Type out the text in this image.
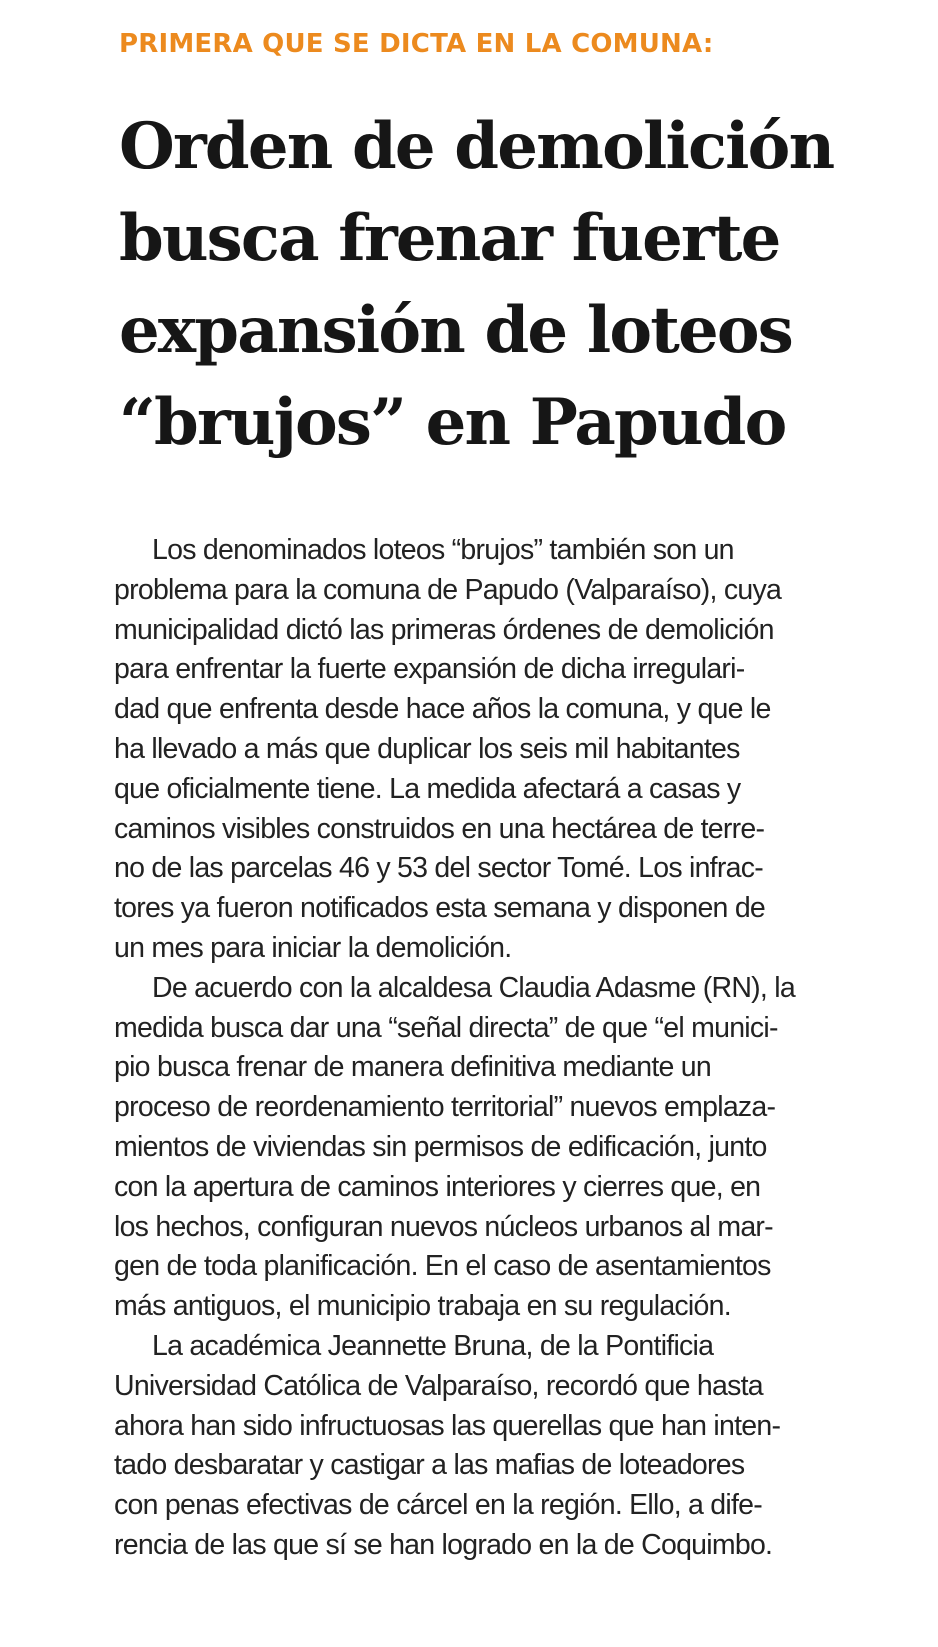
PRIMERA QUE SE DICTA EN LA COMUNA:
Orden de demolición
busca frenar fuerte
expansión de loteos
“brujos” en Papudo

Los denominados loteos “brujos” también son un
problema para la comuna de Papudo (Valparaíso), cuya
municipalidad dictó las primeras órdenes de demolición
para enfrentar la fuerte expansión de dicha irregulari-
dad que enfrenta desde hace años la comuna, y que le
ha llevado a más que duplicar los seis mil habitantes
que oficialmente tiene. La medida afectará a casas y
caminos visibles construidos en una hectárea de terre-
no de las parcelas 46 y 53 del sector Tomé. Los infrac-
tores ya fueron notificados esta semana y disponen de
un mes para iniciar la demolición.

De acuerdo con la alcaldesa Claudia Adasme (RN), la
medida busca dar una “señal directa” de que “el munici-
pio busca frenar de manera definitiva mediante un
proceso de reordenamiento territorial” nuevos emplaza-
mientos de viviendas sin permisos de edificación, junto
con la apertura de caminos interiores y cierres que, en
los hechos, configuran nuevos núcleos urbanos al mar-
gen de toda planificación. En el caso de asentamientos
más antiguos, el municipio trabaja en su regulación.

La académica Jeannette Bruna, de la Pontificia
Universidad Católica de Valparaíso, recordó que hasta
ahora han sido infructuosas las querellas que han inten-
tado desbaratar y castigar a las mafias de loteadores
con penas efectivas de cárcel en la región. Ello, a dife-
rencia de las que sí se han logrado en la de Coquimbo.
